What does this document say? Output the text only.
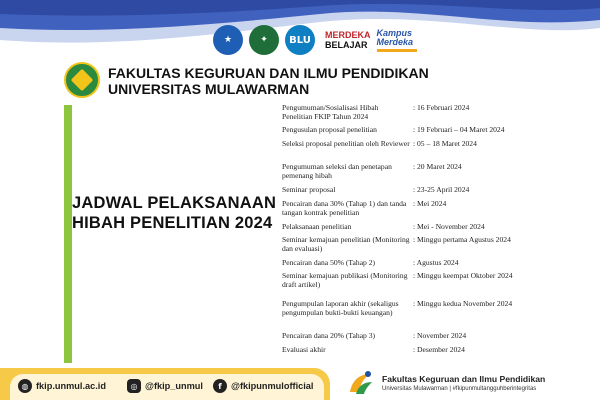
★	✦	BLU	MERDEKA
BELAJAR
Kampus
Merdeka
FAKULTAS KEGURUAN DAN ILMU PENDIDIKAN
UNIVERSITAS MULAWARMAN
JADWAL PELAKSANAAN
HIBAH PENELITIAN 2024
Pengumuman/Sosialisasi Hibah Penelitian FKIP Tahun 2024
: 16 Februari 2024
Pengusulan proposal penelitian	: 19 Februari – 04 Maret 2024
Seleksi proposal penelitian oleh Reviewer : 05 – 18 Maret 2024
Pengumuman seleksi dan penetapan pemenang hibah
: 20 Maret 2024
Seminar proposal	: 23-25 April 2024
Pencairan dana 30% (Tahap 1) dan tanda tangan kontrak penelitian
: Mei 2024
Pelaksanaan penelitian	: Mei - November 2024
Seminar kemajuan penelitian (Monitoring dan evaluasi)
: Minggu pertama Agustus 2024
Pencairan dana 50% (Tahap 2)	: Agustus 2024
Seminar kemajuan publikasi (Monitoring draft artikel)
: Minggu keempat Oktober 2024
Pengumpulan laporan akhir (sekaligus pengumpulan bukti-bukti keuangan)
: Minggu kedua November 2024
Pencairan dana 20% (Tahap 3)	: November 2024
Evaluasi akhir	: Desember 2024
◍ fkip.unmul.ac.id	◎ @fkip_unmul	f	@fkipunmulofficial
Fakultas Keguruan dan Ilmu Pendidikan
Universitas Mulawarman | #fkipunmultangguhberintegritas
